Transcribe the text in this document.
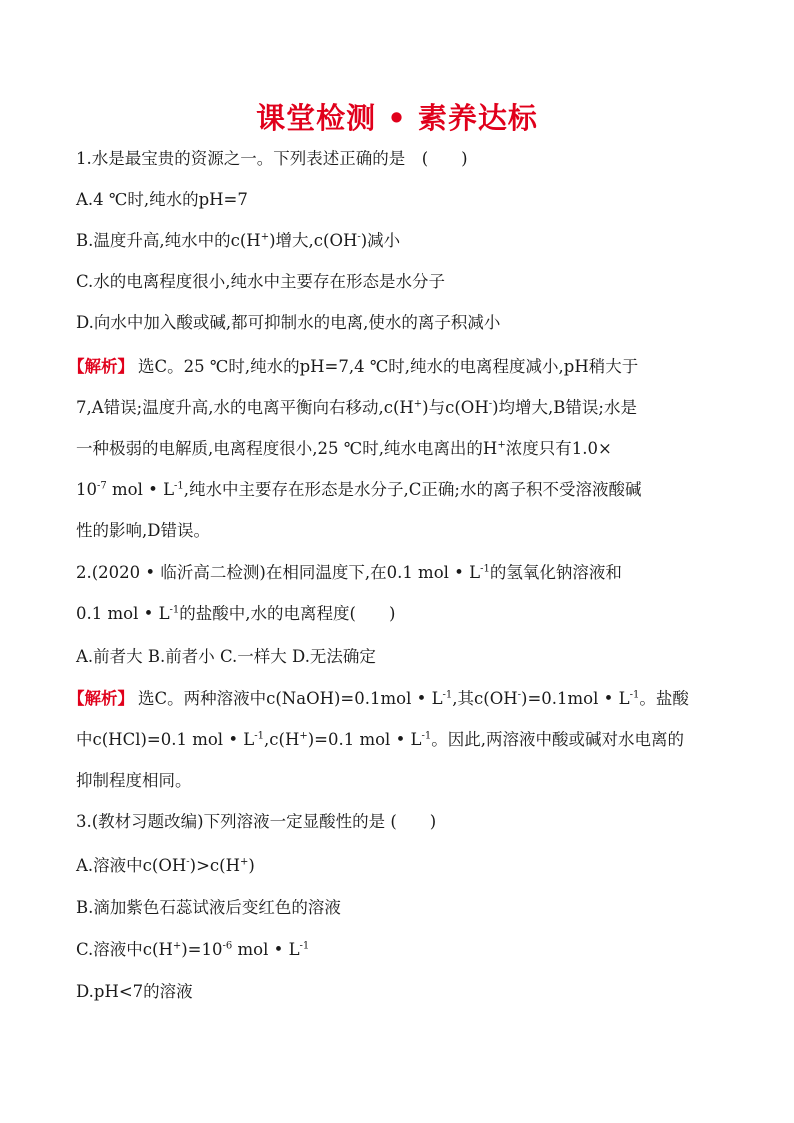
课堂检测 • 素养达标
1.水是最宝贵的资源之一。下列表述正确的是　(　　)
A.4 ℃时,纯水的pH=7
B.温度升高,纯水中的c(H+)增大,c(OH-)减小
C.水的电离程度很小,纯水中主要存在形态是水分子
D.向水中加入酸或碱,都可抑制水的电离,使水的离子积减小
【解析】 选C。25 ℃时,纯水的pH=7,4 ℃时,纯水的电离程度减小,pH稍大于
7,A错误;温度升高,水的电离平衡向右移动,c(H+)与c(OH-)均增大,B错误;水是
一种极弱的电解质,电离程度很小,25 ℃时,纯水电离出的H+浓度只有1.0×
$10^{-7}$ mol • $L^{-1}$,纯水中主要存在形态是水分子,C正确;水的离子积不受溶液酸碱
性的影响,D错误。
2.(2020 • 临沂高二检测)在相同温度下,在0.1 mol • $L^{-1}$的氢氧化钠溶液和
0.1 mol • $L^{-1}$的盐酸中,水的电离程度(　　)
A.前者大 B.前者小 C.一样大 D.无法确定
【解析】 选C。两种溶液中c(NaOH)=0.1mol • $L^{-1}$,其c(OH-)=0.1mol • $L^{-1}$。盐酸
中c(HCl)=0.1 mol • $L^{-1},c(H^+)=0.1$ mol • $L^{-1}$。因此,两溶液中酸或碱对水电离的
抑制程度相同。
3.(教材习题改编)下列溶液一定显酸性的是 (　　)
A.溶液中c(OH-)>c(H+)
B.滴加紫色石蕊试液后变红色的溶液
C.溶液中$c(H^+)=10^{-6}$ mol • $L^{-1}$
D.pH<7的溶液
